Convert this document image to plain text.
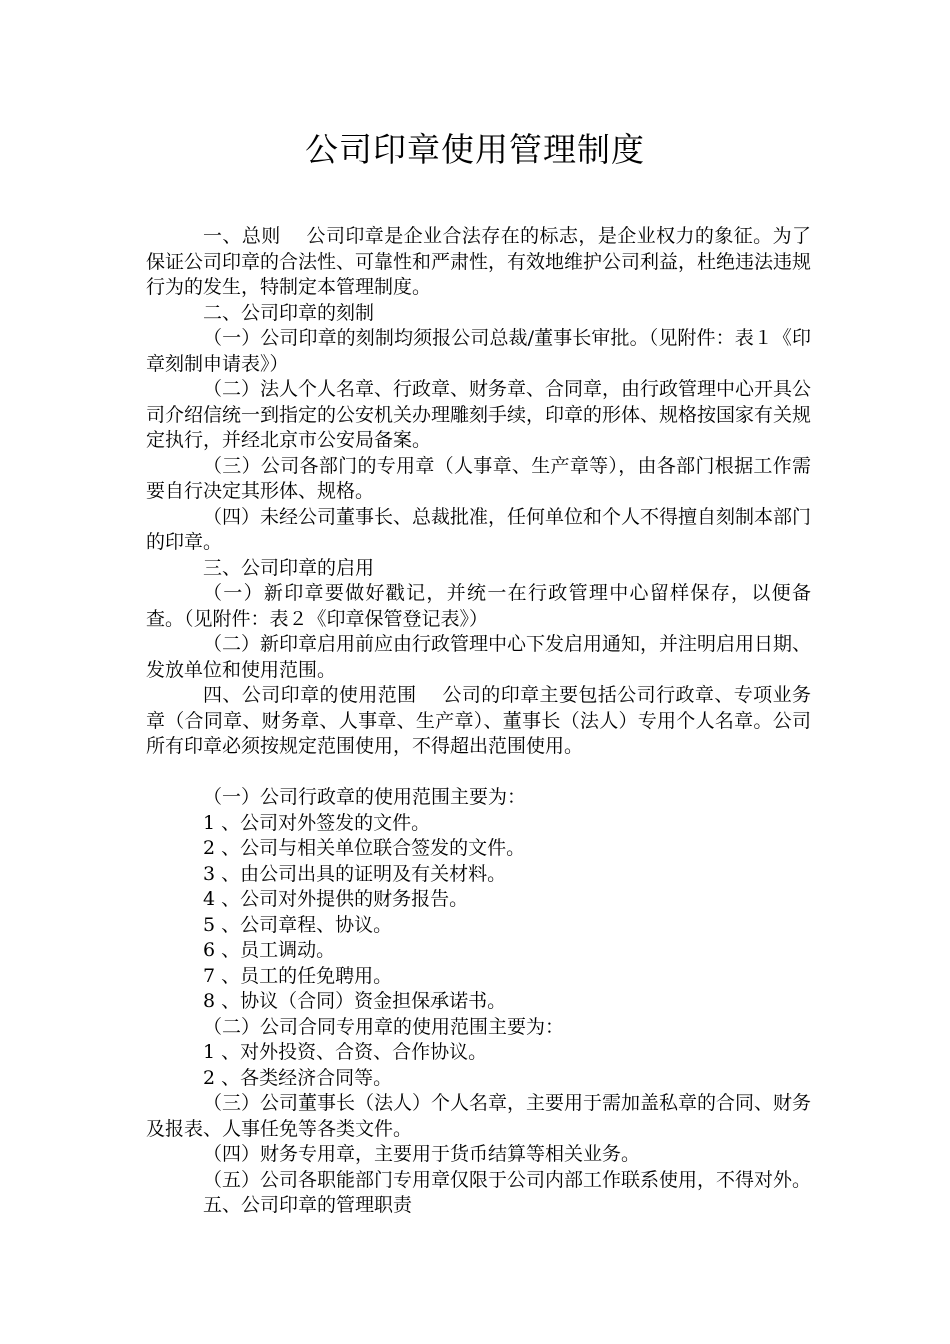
公司印章使用管理制度

一、总则　 公司印章是企业合法存在的标志，是企业权力的象征。为了保证公司印章的合法性、可靠性和严肃性，有效地维护公司利益，杜绝违法违规行为的发生，特制定本管理制度。

二、公司印章的刻制

（一）公司印章的刻制均须报公司总裁/董事长审批。（见附件：表１《印章刻制申请表》）

（二）法人个人名章、行政章、财务章、合同章，由行政管理中心开具公司介绍信统一到指定的公安机关办理雕刻手续，印章的形体、规格按国家有关规定执行，并经北京市公安局备案。

（三）公司各部门的专用章（人事章、生产章等），由各部门根据工作需要自行决定其形体、规格。

（四）未经公司董事长、总裁批准，任何单位和个人不得擅自刻制本部门的印章。

三、公司印章的启用

（一）新印章要做好戳记，并统一在行政管理中心留样保存，以便备查。（见附件：表２《印章保管登记表》）

（二）新印章启用前应由行政管理中心下发启用通知，并注明启用日期、发放单位和使用范围。

四、公司印章的使用范围　 公司的印章主要包括公司行政章、专项业务章（合同章、财务章、人事章、生产章）、董事长（法人）专用个人名章。公司所有印章必须按规定范围使用，不得超出范围使用。

（一）公司行政章的使用范围主要为：

1 、公司对外签发的文件。

2 、公司与相关单位联合签发的文件。

3 、由公司出具的证明及有关材料。

4 、公司对外提供的财务报告。

5 、公司章程、协议。

6 、员工调动。

7 、员工的任免聘用。

8 、协议（合同）资金担保承诺书。

（二）公司合同专用章的使用范围主要为：

1 、对外投资、合资、合作协议。

2 、各类经济合同等。

（三）公司董事长（法人）个人名章，主要用于需加盖私章的合同、财务及报表、人事任免等各类文件。

（四）财务专用章，主要用于货币结算等相关业务。

（五）公司各职能部门专用章仅限于公司内部工作联系使用，不得对外。

五、公司印章的管理职责
